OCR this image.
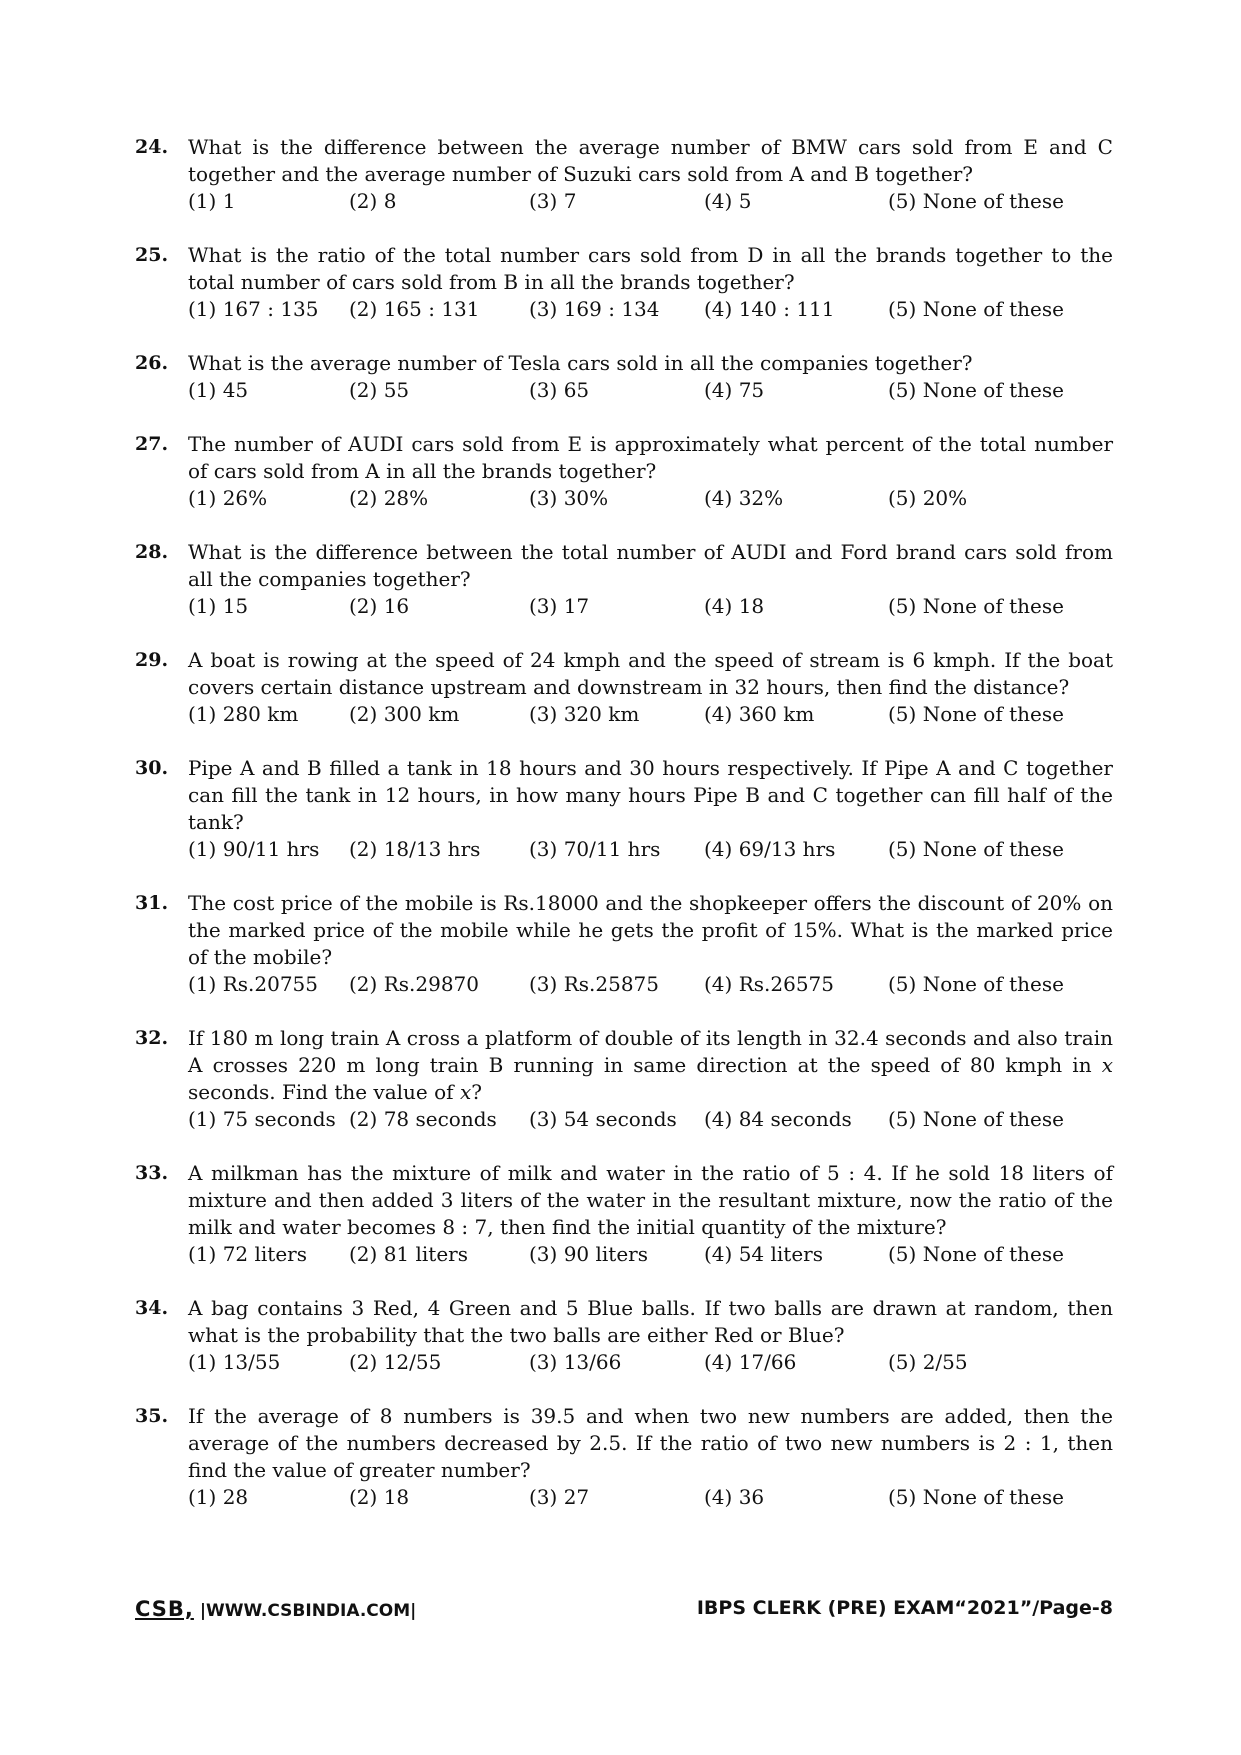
24. What is the difference between the average number of BMW cars sold from E and C together and the average number of Suzuki cars sold from A and B together?
(1) 1	(2) 8	(3) 7	(4) 5	(5) None of these
25. What is the ratio of the total number cars sold from D in all the brands together to the total number of cars sold from B in all the brands together?
(1) 167 : 135 (2) 165 : 131 (3) 169 : 134 (4) 140 : 111	(5) None of these
26. What is the average number of Tesla cars sold in all the companies together?
(1) 45	(2) 55	(3) 65	(4) 75	(5) None of these
27. The number of AUDI cars sold from E is approximately what percent of the total number of cars sold from A in all the brands together?
(1) 26%	(2) 28%	(3) 30%	(4) 32%	(5) 20%
28. What is the difference between the total number of AUDI and Ford brand cars sold from all the companies together?
(1) 15	(2) 16	(3) 17	(4) 18	(5) None of these
29. A boat is rowing at the speed of 24 kmph and the speed of stream is 6 kmph. If the boat covers certain distance upstream and downstream in 32 hours, then find the distance?
(1) 280 km	(2) 300 km	(3) 320 km	(4) 360 km	(5) None of these
30. Pipe A and B filled a tank in 18 hours and 30 hours respectively. If Pipe A and C together can fill the tank in 12 hours, in how many hours Pipe B and C together can fill half of the tank?
(1) 90/11 hrs (2) 18/13 hrs (3) 70/11 hrs (4) 69/13 hrs	(5) None of these
31. The cost price of the mobile is Rs.18000 and the shopkeeper offers the discount of 20% on the marked price of the mobile while he gets the profit of 15%. What is the marked price of the mobile?
(1) Rs.20755 (2) Rs.29870	(3) Rs.25875 (4) Rs.26575	(5) None of these
32. If 180 m long train A cross a platform of double of its length in 32.4 seconds and also train A crosses 220 m long train B running in same direction at the speed of 80 kmph in x seconds. Find the value of x?
(1) 75 seconds (2) 78 seconds (3) 54 seconds (4) 84 seconds (5) None of these
33. A milkman has the mixture of milk and water in the ratio of 5 : 4. If he sold 18 liters of mixture and then added 3 liters of the water in the resultant mixture, now the ratio of the milk and water becomes 8 : 7, then find the initial quantity of the mixture?
(1) 72 liters (2) 81 liters	(3) 90 liters	(4) 54 liters	(5) None of these
34. A bag contains 3 Red, 4 Green and 5 Blue balls. If two balls are drawn at random, then what is the probability that the two balls are either Red or Blue?
(1) 13/55	(2) 12/55	(3) 13/66	(4) 17/66	(5) 2/55
35. If the average of 8 numbers is 39.5 and when two new numbers are added, then the average of the numbers decreased by 2.5. If the ratio of two new numbers is 2 : 1, then find the value of greater number?
(1) 28	(2) 18	(3) 27	(4) 36	(5) None of these
CSB, |WWW.CSBINDIA.COM|	IBPS CLERK (PRE) EXAM“2021”/Page-8
